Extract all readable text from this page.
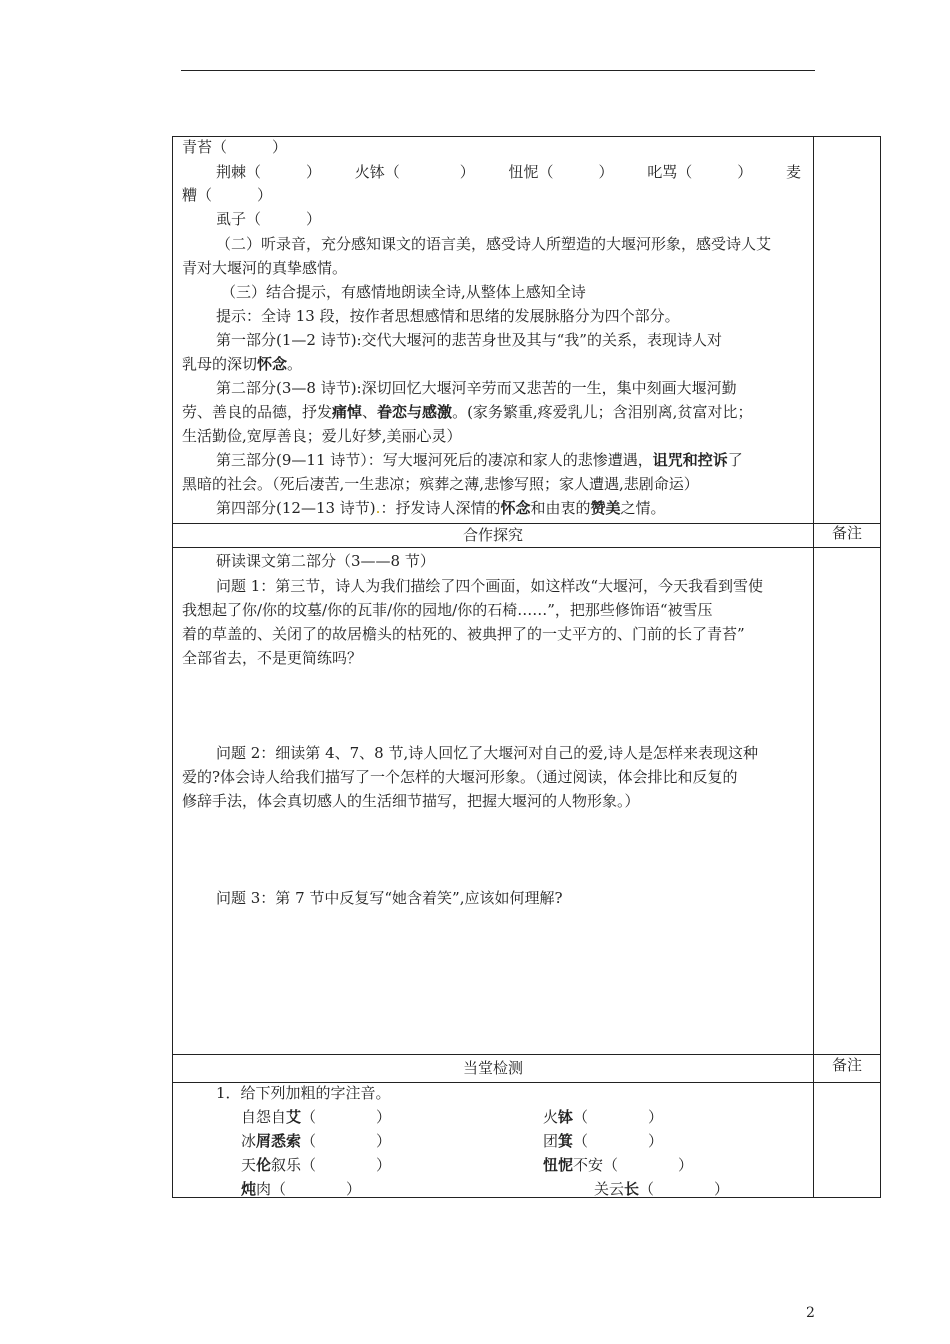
青苔（　　　）
荆棘（　　　） 火钵（　　　　） 忸怩（　　　） 叱骂（　　　） 麦
糟（　　　）
虱子（　　　）
（二）听录音，充分感知课文的语言美，感受诗人所塑造的大堰河形象，感受诗人艾
青对大堰河的真挚感情。
（三）结合提示，有感情地朗读全诗,从整体上感知全诗
提示：全诗 13 段，按作者思想感情和思绪的发展脉胳分为四个部分。
第一部分(1—2 诗节):交代大堰河的悲苦身世及其与“我”的关系，表现诗人对
乳母的深切怀念。
第二部分(3—8 诗节):深切回忆大堰河辛劳而又悲苦的一生，集中刻画大堰河勤
劳、善良的品德，抒发痛悼、眷恋与感激。(家务繁重,疼爱乳儿；含泪别离,贫富对比；
生活勤俭,宽厚善良；爱儿好梦,美丽心灵）
第三部分(9—11 诗节）：写大堰河死后的凄凉和家人的悲惨遭遇，诅咒和控诉了
黑暗的社会。（死后凄苦,一生悲凉；殡葬之薄,悲惨写照；家人遭遇,悲剧命运）
第四部分(12—13 诗节).：抒发诗人深情的怀念和由衷的赞美之情。
合作探究	备注
研读课文第二部分（3——8 节）
问题 1：第三节，诗人为我们描绘了四个画面，如这样改“大堰河，今天我看到雪使
我想起了你/你的坟墓/你的瓦菲/你的园地/你的石椅……”，把那些修饰语“被雪压
着的草盖的、关闭了的故居檐头的枯死的、被典押了的一丈平方的、门前的长了青苔”
全部省去，不是更简练吗？
问题 2：细读第 4、7、8 节,诗人回忆了大堰河对自己的爱,诗人是怎样来表现这种
爱的?体会诗人给我们描写了一个怎样的大堰河形象。（通过阅读，体会排比和反复的
修辞手法，体会真切感人的生活细节描写，把握大堰河的人物形象。）
问题 3：第 7 节中反复写“她含着笑”,应该如何理解?
当堂检测	备注
1．给下列加粗的字注音。
自怨自艾（　　　　）	火钵（　　　　）
冰屑悉索（　　　　）	团箕（　　　　）
天伦叙乐（　　　　）	忸怩不安（　　　　）
炖肉（　　　　）	关云长（　　　　）
2
